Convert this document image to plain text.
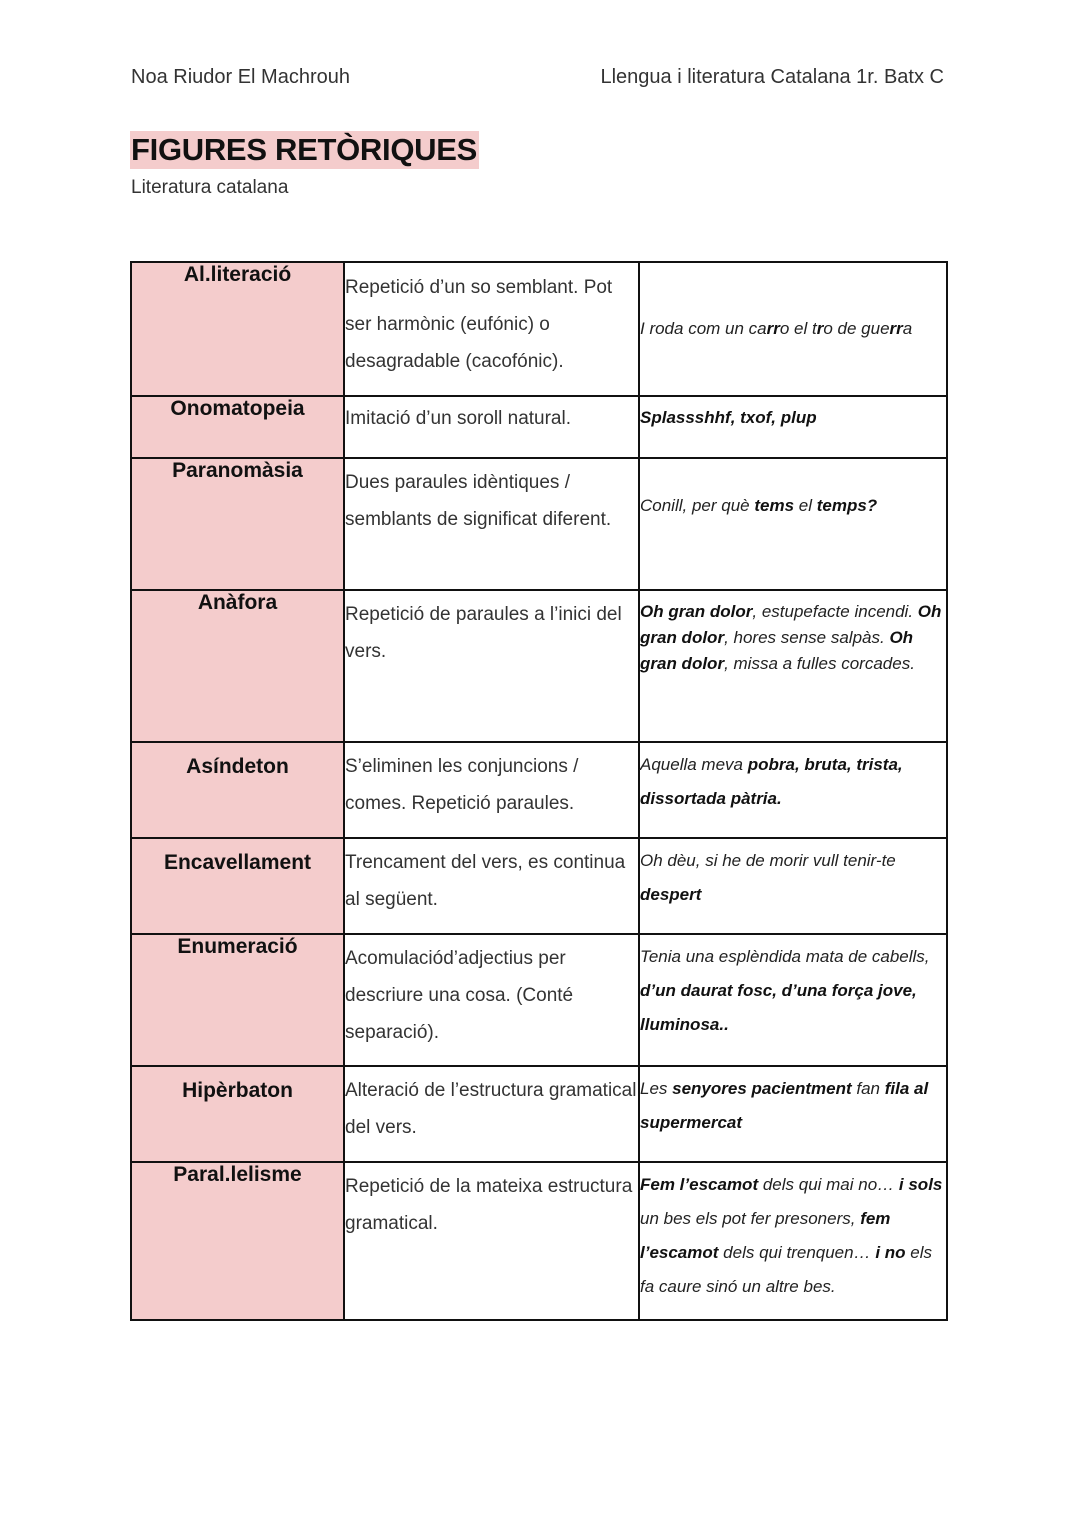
Noa Riudor El Machrouh	Llengua i literatura Catalana 1r. Batx C
FIGURES RETÒRIQUES
Literatura catalana
Al.literació	Repetició d’un so semblant. Pot ser harmònic (eufónic) o desagradable (cacofónic).	I roda com un carro el tro de guerra
Onomatopeia	Imitació d’un soroll natural.	Splassshhf, txof, plup
Paranomàsia	Dues paraules idèntiques / semblants de significat diferent.	Conill, per què tems el temps?
Anàfora	Repetició de paraules a l’inici del vers.	Oh gran dolor, estupefacte incendi. Oh gran dolor, hores sense salpàs. Oh gran dolor, missa a fulles corcades.

Asíndeton	S’eliminen les conjuncions / comes. Repetició paraules.	Aquella meva pobra, bruta, trista, dissortada pàtria.

Encavellament	Trencament del vers, es continua al següent.	Oh dèu, si he de morir vull tenir-te despert
Enumeració	Acomulaciód’adjectius per descriure una cosa. (Conté separació).	Tenia una esplèndida mata de cabells, d’un daurat fosc, d’una força jove, lluminosa..

Hipèrbaton	Alteració de l’estructura gramatical del vers.	Les senyores pacientment fan fila al supermercat
Paral.lelisme	Repetició de la mateixa estructura gramatical.	Fem l’escamot dels qui mai no… i sols un bes els pot fer presoners, fem l’escamot dels qui trenquen… i no els fa caure sinó un altre bes.
